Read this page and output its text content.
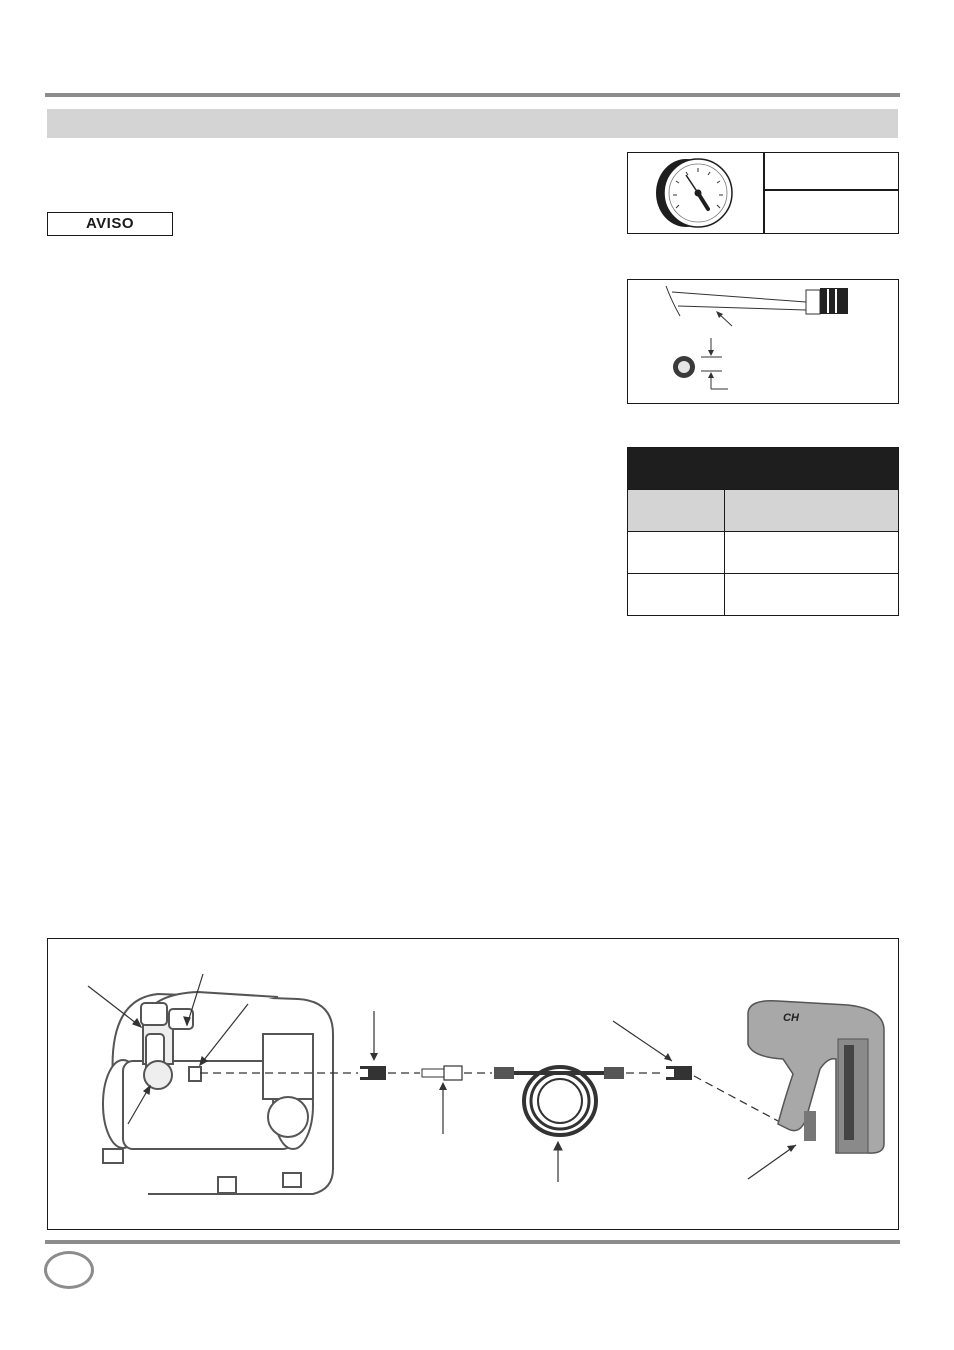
AVISO

CH
